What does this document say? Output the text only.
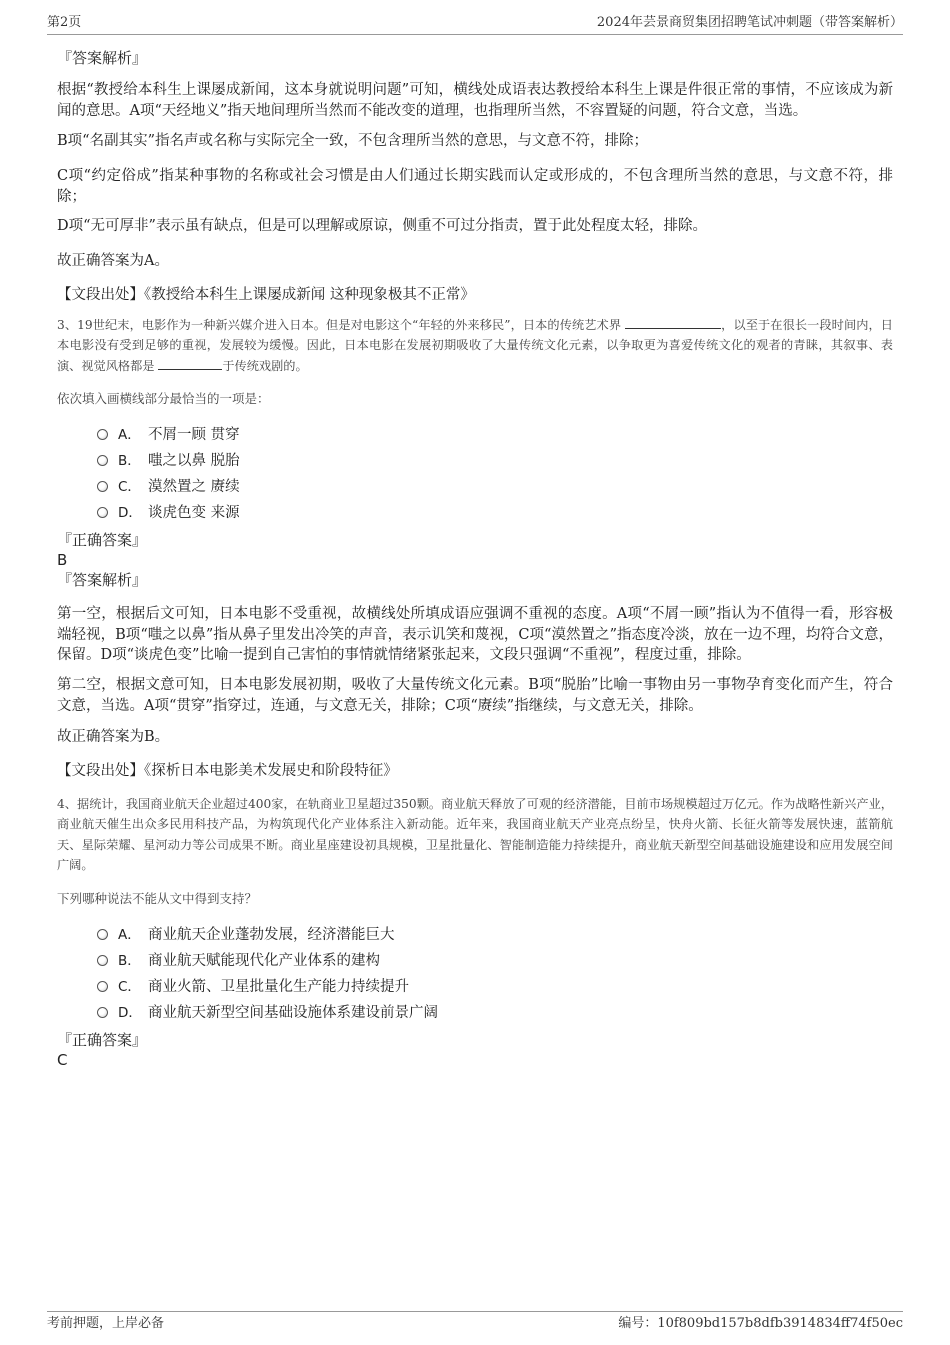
第2页	2024年芸景商贸集团招聘笔试冲刺题（带答案解析）
『答案解析』
根据“教授给本科生上课屡成新闻，这本身就说明问题”可知，横线处成语表达教授给本科生上课是件很正常的事情，不应该成为新闻的意思。A项“天经地义”指天地间理所当然而不能改变的道理，也指理所当然，不容置疑的问题，符合文意，当选。
B项“名副其实”指名声或名称与实际完全一致，不包含理所当然的意思，与文意不符，排除；
C项“约定俗成”指某种事物的名称或社会习惯是由人们通过长期实践而认定或形成的，不包含理所当然的意思，与文意不符，排除；
D项“无可厚非”表示虽有缺点，但是可以理解或原谅，侧重不可过分指责，置于此处程度太轻，排除。
故正确答案为A。
【文段出处】《教授给本科生上课屡成新闻 这种现象极其不正常》
3、19世纪末，电影作为一种新兴媒介进入日本。但是对电影这个“年轻的外来移民”，日本的传统艺术界	，以至于在很长一段时间内，日本电影没有受到足够的重视，发展较为缓慢。因此，日本电影在发展初期吸收了大量传统文化元素，以争取更为喜爱传统文化的观者的青睐，其叙事、表演、视觉风格都是	于传统戏剧的。
依次填入画横线部分最恰当的一项是：
A． 不屑一顾 贯穿
B． 嗤之以鼻 脱胎
C． 漠然置之 赓续
D． 谈虎色变 来源
『正确答案』
B
『答案解析』
第一空，根据后文可知，日本电影不受重视，故横线处所填成语应强调不重视的态度。A项“不屑一顾”指认为不值得一看，形容极端轻视，B项“嗤之以鼻”指从鼻子里发出冷笑的声音，表示讥笑和蔑视，C项“漠然置之”指态度冷淡，放在一边不理，均符合文意，保留。D项“谈虎色变”比喻一提到自己害怕的事情就情绪紧张起来，文段只强调“不重视”，程度过重，排除。
第二空，根据文意可知，日本电影发展初期，吸收了大量传统文化元素。B项“脱胎”比喻一事物由另一事物孕育变化而产生，符合文意，当选。A项“贯穿”指穿过，连通，与文意无关，排除；C项“赓续”指继续，与文意无关，排除。
故正确答案为B。
【文段出处】《探析日本电影美术发展史和阶段特征》
4、据统计，我国商业航天企业超过400家，在轨商业卫星超过350颗。商业航天释放了可观的经济潜能，目前市场规模超过万亿元。作为战略性新兴产业，商业航天催生出众多民用科技产品，为构筑现代化产业体系注入新动能。近年来，我国商业航天产业亮点纷呈，快舟火箭、长征火箭等发展快速，蓝箭航天、星际荣耀、星河动力等公司成果不断。商业星座建设初具规模，卫星批量化、智能制造能力持续提升，商业航天新型空间基础设施建设和应用发展空间广阔。
下列哪种说法不能从文中得到支持？
A． 商业航天企业蓬勃发展，经济潜能巨大
B． 商业航天赋能现代化产业体系的建构
C． 商业火箭、卫星批量化生产能力持续提升
D． 商业航天新型空间基础设施体系建设前景广阔
『正确答案』
C
考前押题，上岸必备	编号：10f809bd157b8dfb3914834ff74f50ec
